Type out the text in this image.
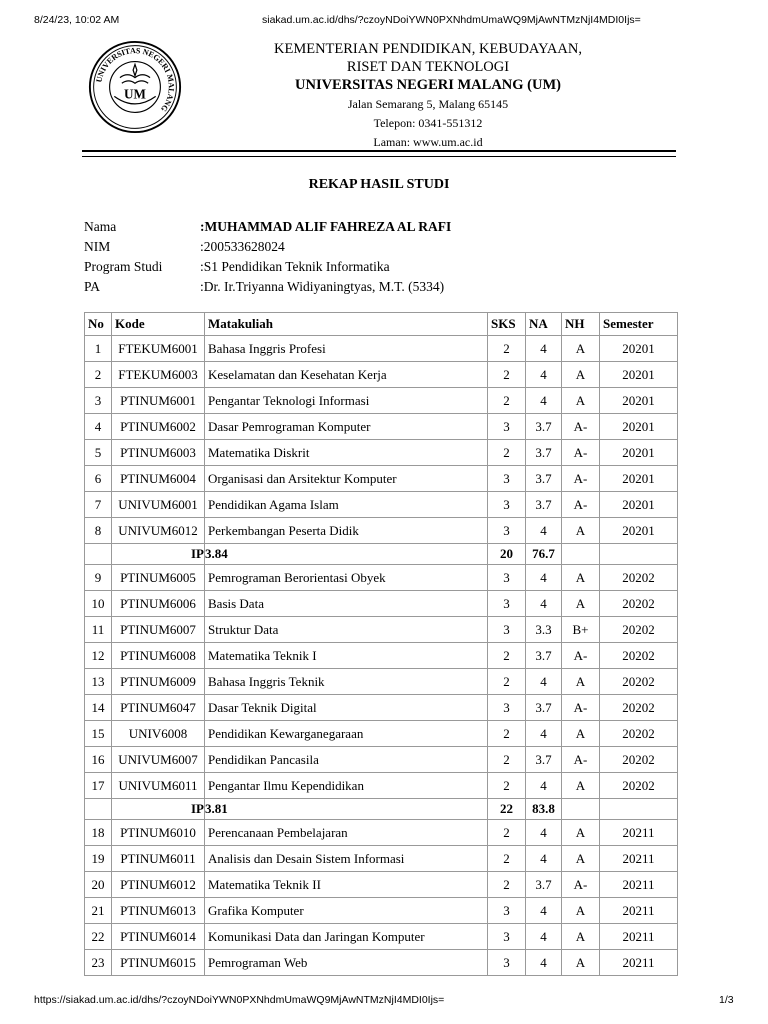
8/24/23, 10:02 AM	siakad.um.ac.id/dhs/?czoyNDoiYWN0PXNhdmUmaWQ9MjAwNTMzNjI4MDI0Ijs=
UNIVERSITAS NEGERI MALANG
UM
KEMENTERIAN PENDIDIKAN, KEBUDAYAAN,
RISET DAN TEKNOLOGI
UNIVERSITAS NEGERI MALANG (UM)
Jalan Semarang 5, Malang 65145
Telepon: 0341-551312
Laman: www.um.ac.id
REKAP HASIL STUDI
Nama	:MUHAMMAD ALIF FAHREZA AL RAFI
NIM	:200533628024
Program Studi	:S1 Pendidikan Teknik Informatika
PA	:Dr. Ir.Triyanna Widiyaningtyas, M.T. (5334)
No	Kode	Matakuliah	SKS	NA	NH	Semester
1	FTEKUM6001	Bahasa Inggris Profesi	2	4	A	20201
2	FTEKUM6003	Keselamatan dan Kesehatan Kerja	2	4	A	20201
3	PTINUM6001	Pengantar Teknologi Informasi	2	4	A	20201
4	PTINUM6002	Dasar Pemrograman Komputer	3	3.7	A-	20201
5	PTINUM6003	Matematika Diskrit	2	3.7	A-	20201
6	PTINUM6004	Organisasi dan Arsitektur Komputer	3	3.7	A-	20201
7	UNIVUM6001	Pendidikan Agama Islam	3	3.7	A-	20201
8	UNIVUM6012	Perkembangan Peserta Didik	3	4	A	20201
	IP	3.84	20	76.7		
9	PTINUM6005	Pemrograman Berorientasi Obyek	3	4	A	20202
10	PTINUM6006	Basis Data	3	4	A	20202
11	PTINUM6007	Struktur Data	3	3.3	B+	20202
12	PTINUM6008	Matematika Teknik I	2	3.7	A-	20202
13	PTINUM6009	Bahasa Inggris Teknik	2	4	A	20202
14	PTINUM6047	Dasar Teknik Digital	3	3.7	A-	20202
15	UNIV6008	Pendidikan Kewarganegaraan	2	4	A	20202
16	UNIVUM6007	Pendidikan Pancasila	2	3.7	A-	20202
17	UNIVUM6011	Pengantar Ilmu Kependidikan	2	4	A	20202
	IP	3.81	22	83.8		
18	PTINUM6010	Perencanaan Pembelajaran	2	4	A	20211
19	PTINUM6011	Analisis dan Desain Sistem Informasi	2	4	A	20211
20	PTINUM6012	Matematika Teknik II	2	3.7	A-	20211
21	PTINUM6013	Grafika Komputer	3	4	A	20211
22	PTINUM6014	Komunikasi Data dan Jaringan Komputer	3	4	A	20211
23	PTINUM6015	Pemrograman Web	3	4	A	20211
https://siakad.um.ac.id/dhs/?czoyNDoiYWN0PXNhdmUmaWQ9MjAwNTMzNjI4MDI0Ijs=	1/3
